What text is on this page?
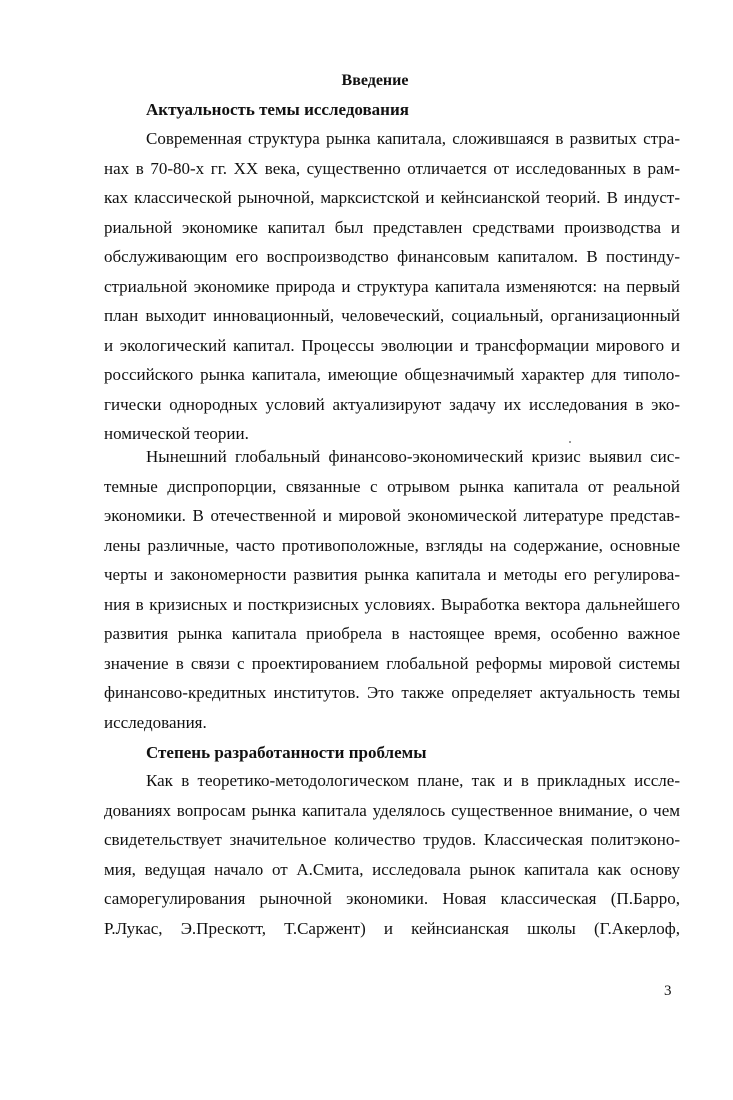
Введение
Актуальность темы исследования
Современная структура рынка капитала, сложившаяся в развитых стра-
нах в 70-80-х гг. XX века, существенно отличается от исследованных в рам-
ках классической рыночной, марксистской и кейнсианской теорий. В индуст-
риальной экономике капитал был представлен средствами производства и
обслуживающим его воспроизводство финансовым капиталом. В постинду-
стриальной экономике природа и структура капитала изменяются: на первый
план выходит инновационный, человеческий, социальный, организационный
и экологический капитал. Процессы эволюции и трансформации мирового и
российского рынка капитала, имеющие общезначимый характер для типоло-
гически однородных условий актуализируют задачу их исследования в эко-
номической теории.
Нынешний глобальный финансово-экономический кризис выявил сис-
темные диспропорции, связанные с отрывом рынка капитала от реальной
экономики. В отечественной и мировой экономической литературе представ-
лены различные, часто противоположные, взгляды на содержание, основные
черты и закономерности развития рынка капитала и методы его регулирова-
ния в кризисных и посткризисных условиях. Выработка вектора дальнейшего
развития рынка капитала приобрела в настоящее время, особенно важное
значение в связи с проектированием глобальной реформы мировой системы
финансово-кредитных институтов. Это также определяет актуальность темы
исследования.
Степень разработанности проблемы
Как в теоретико-методологическом плане, так и в прикладных иссле-
дованиях вопросам рынка капитала уделялось существенное внимание, о чем
свидетельствует значительное количество трудов. Классическая политэконо-
мия, ведущая начало от А.Смита, исследовала рынок капитала как основу
саморегулирования рыночной экономики. Новая классическая (П.Барро,
Р.Лукас, Э.Прескотт, Т.Саржент) и кейнсианская школы (Г.Акерлоф,
3
